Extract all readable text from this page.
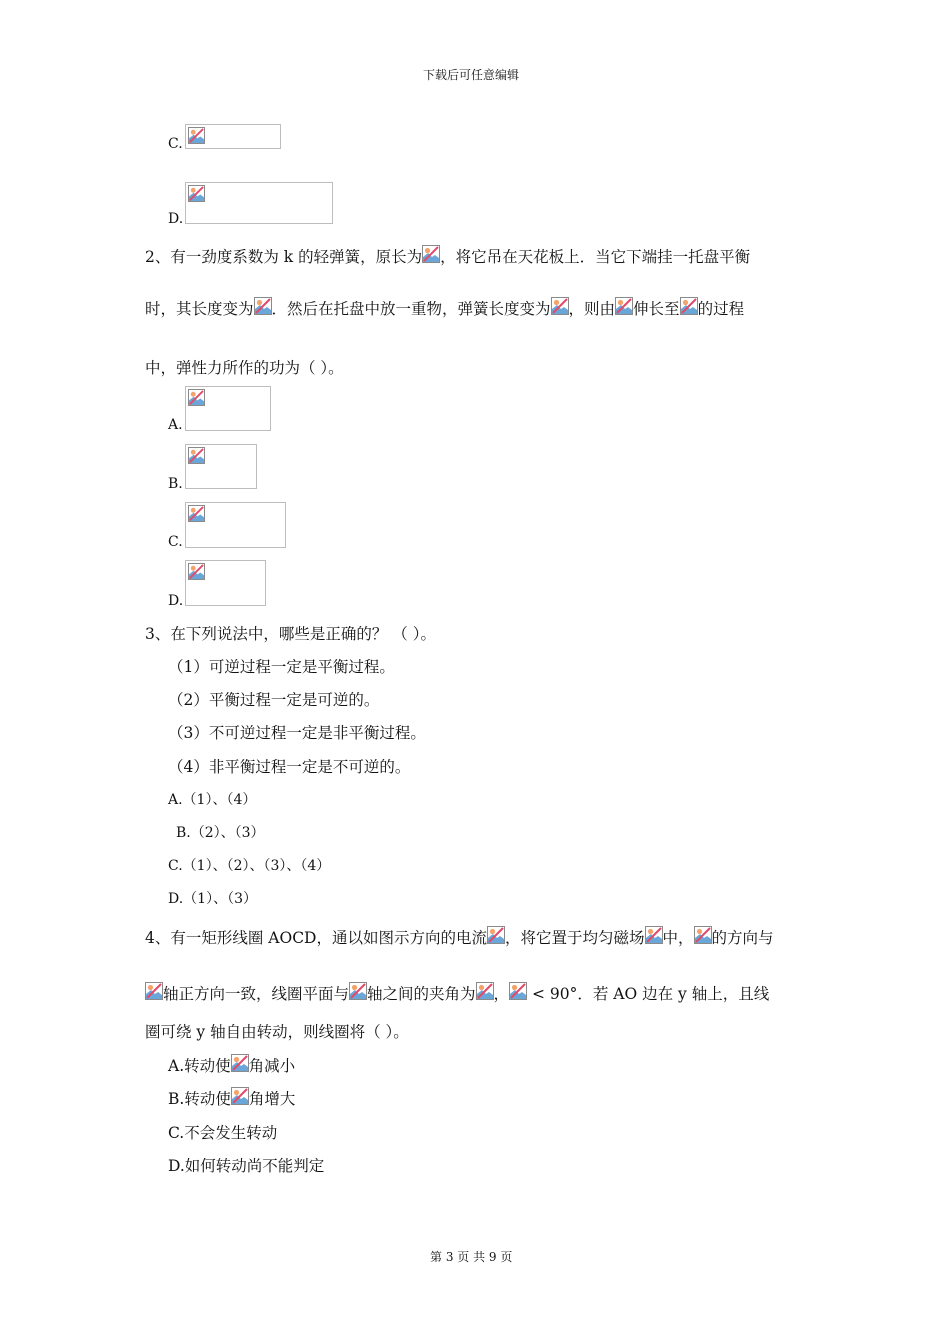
下载后可任意编辑
C.
D.
2、有一劲度系数为 k 的轻弹簧，原长为 ，将它吊在天花板上．当它下端挂一托盘平衡
时，其长度变为 ．然后在托盘中放一重物，弹簧长度变为 ，则由 伸长至 的过程
中，弹性力所作的功为（ ）。
A.
B.
C.
D.
3、在下列说法中，哪些是正确的？ （ ）。
（1）可逆过程一定是平衡过程。
（2）平衡过程一定是可逆的。
（3）不可逆过程一定是非平衡过程。
（4）非平衡过程一定是不可逆的。
A.（1）、（4）
B.（2）、（3）
C.（1）、（2）、（3）、（4）
D.（1）、（3）
4、有一矩形线圈 AOCD，通以如图示方向的电流 ，将它置于均匀磁场 中， 的方向与
轴正方向一致，线圈平面与 轴之间的夹角为 ，
< 90°．若 AO 边在 y 轴上，且线
圈可绕 y 轴自由转动，则线圈将（ ）。
A.转动使 角减小
B.转动使 角增大
C.不会发生转动
D.如何转动尚不能判定
第 3 页 共 9 页
